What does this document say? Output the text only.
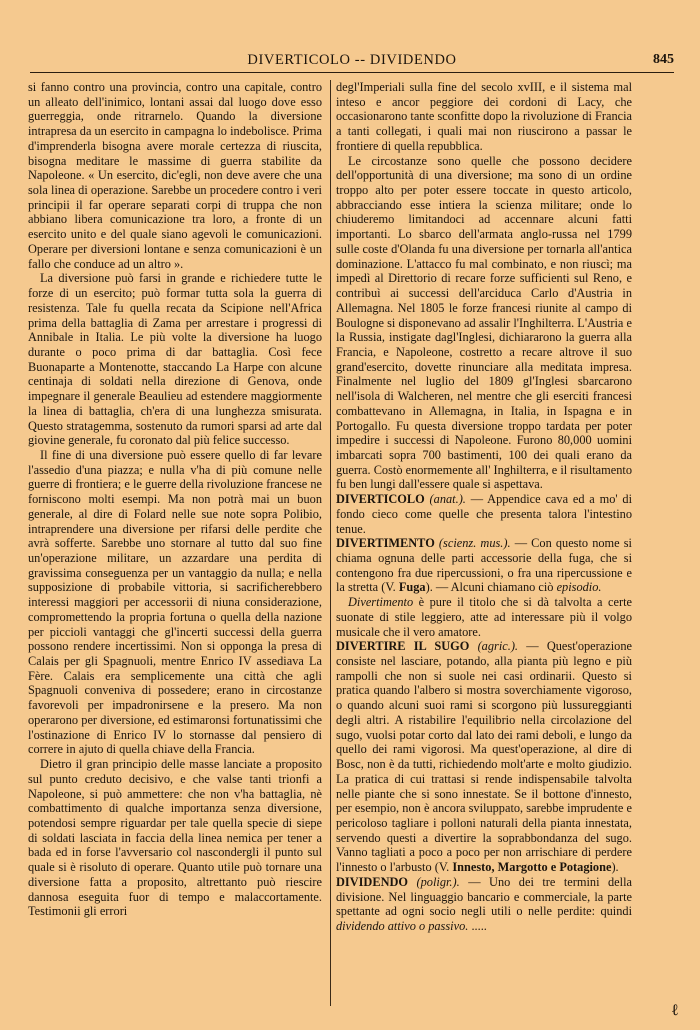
DIVERTICOLO -- DIVIDENDO	845

si fanno contro una provincia, contro una capitale, contro un alleato dell'inimico, lontani assai dal luogo dove esso guerreggia, onde ritrarnelo. Quando la diversione intrapresa da un esercito in campagna lo indebolisce. Prima d'imprenderla bisogna avere morale certezza di riuscita, bisogna meditare le massime di guerra stabilite da Napoleone. « Un esercito, dic'egli, non deve avere che una sola linea di operazione. Sarebbe un procedere contro i veri principii il far operare separati corpi di truppa che non abbiano libera comunicazione tra loro, a fronte di un esercito unito e del quale siano agevoli le comunicazioni. Operare per diversioni lontane e senza comunicazioni è un fallo che conduce ad un altro ».

La diversione può farsi in grande e richiedere tutte le forze di un esercito; può formar tutta sola la guerra di resistenza. Tale fu quella recata da Scipione nell'Africa prima della battaglia di Zama per arrestare i progressi di Annibale in Italia. Le più volte la diversione ha luogo durante o poco prima di dar battaglia. Così fece Buonaparte a Montenotte, staccando La Harpe con alcune centinaja di soldati nella direzione di Genova, onde impegnare il generale Beaulieu ad estendere maggiormente la linea di battaglia, ch'era di una lunghezza smisurata. Questo stratagemma, sostenuto da rumori sparsi ad arte dal giovine generale, fu coronato dal più felice successo.

Il fine di una diversione può essere quello di far levare l'assedio d'una piazza; e nulla v'ha di più comune nelle guerre di frontiera; e le guerre della rivoluzione francese ne forniscono molti esempi. Ma non potrà mai un buon generale, al dire di Folard nelle sue note sopra Polibio, intraprendere una diversione per rifarsi delle perdite che avrà sofferte. Sarebbe uno stornare al tutto dal suo fine un'operazione militare, un azzardare una perdita di gravissima conseguenza per un vantaggio da nulla; e nella supposizione di probabile vittoria, si sacrificherebbero interessi maggiori per accessorii di niuna considerazione, compromettendo la propria fortuna o quella della nazione per piccioli vantaggi che gl'incerti successi della guerra possono rendere incertissimi. Non si opponga la presa di Calais per gli Spagnuoli, mentre Enrico IV assediava La Fère. Calais era semplicemente una città che agli Spagnuoli conveniva di possedere; erano in circostanze favorevoli per impadronirsene e la presero. Ma non operarono per diversione, ed estimaronsi fortunatissimi che l'ostinazione di Enrico IV lo stornasse dal pensiero di correre in ajuto di quella chiave della Francia.

Dietro il gran principio delle masse lanciate a proposito sul punto creduto decisivo, e che valse tanti trionfi a Napoleone, si può ammettere: che non v'ha battaglia, nè combattimento di qualche importanza senza diversione, potendosi sempre riguardar per tale quella specie di siepe di soldati lasciata in faccia della linea nemica per tener a bada ed in forse l'avversario col nascondergli il punto sul quale si è risoluto di operare. Quanto utile può tornare una diversione fatta a proposito, altrettanto può riescire dannosa eseguita fuor di tempo e malaccortamente. Testimonii gli errori

degl'Imperiali sulla fine del secolo xvIII, e il sistema mal inteso e ancor peggiore dei cordoni di Lacy, che occasionarono tante sconfitte dopo la rivoluzione di Francia a tanti collegati, i quali mai non riuscirono a passar le frontiere di quella repubblica.

Le circostanze sono quelle che possono decidere dell'opportunità di una diversione; ma sono di un ordine troppo alto per poter essere toccate in questo articolo, abbracciando esse intiera la scienza militare; onde lo chiuderemo limitandoci ad accennare alcuni fatti importanti. Lo sbarco dell'armata anglo-russa nel 1799 sulle coste d'Olanda fu una diversione per tornarla all'antica dominazione. L'attacco fu mal combinato, e non riuscì; ma impedì al Direttorio di recare forze sufficienti sul Reno, e contribuì ai successi dell'arciduca Carlo d'Austria in Allemagna. Nel 1805 le forze francesi riunite al campo di Boulogne si disponevano ad assalir l'Inghilterra. L'Austria e la Russia, instigate dagl'Inglesi, dichiararono la guerra alla Francia, e Napoleone, costretto a recare altrove il suo grand'esercito, dovette rinunciare alla meditata impresa. Finalmente nel luglio del 1809 gl'Inglesi sbarcarono nell'isola di Walcheren, nel mentre che gli eserciti francesi combattevano in Allemagna, in Italia, in Ispagna e in Portogallo. Fu questa diversione troppo tardata per poter impedire i successi di Napoleone. Furono 80,000 uomini imbarcati sopra 700 bastimenti, 100 dei quali erano da guerra. Costò enormemente all' Inghilterra, e il risultamento fu ben lungi dall'essere quale si aspettava.

DIVERTICOLO (anat.). — Appendice cava ed a mo' di fondo cieco come quelle che presenta talora l'intestino tenue.

DIVERTIMENTO (scienz. mus.). — Con questo nome si chiama ognuna delle parti accessorie della fuga, che si contengono fra due ripercussioni, o fra una ripercussione e la stretta (V. Fuga). — Alcuni chiamano ciò episodio.

Divertimento è pure il titolo che si dà talvolta a certe suonate di stile leggiero, atte ad interessare più il volgo musicale che il vero amatore.

DIVERTIRE IL SUGO (agric.). — Quest'operazione consiste nel lasciare, potando, alla pianta più legno e più rampolli che non si suole nei casi ordinarii. Questo si pratica quando l'albero si mostra soverchiamente vigoroso, o quando alcuni suoi rami si scorgono più lussureggianti degli altri. A ristabilire l'equilibrio nella circolazione del sugo, vuolsi potar corto dal lato dei rami deboli, e lungo da quello dei rami vigorosi. Ma quest'operazione, al dire di Bosc, non è da tutti, richiedendo molt'arte e molto giudizio. La pratica di cui trattasi si rende indispensabile talvolta nelle piante che si sono innestate. Se il bottone d'innesto, per esempio, non è ancora sviluppato, sarebbe imprudente e pericoloso tagliare i polloni naturali della pianta innestata, servendo questi a divertire la soprabbondanza del sugo. Vanno tagliati a poco a poco per non arrischiare di perdere l'innesto o l'arbusto (V. Innesto, Margotto e Potagione).

DIVIDENDO (poligr.). — Uno dei tre termini della divisione. Nel linguaggio bancario e commerciale, la parte spettante ad ogni socio negli utili o nelle perdite: quindi dividendo attivo o passivo. .....

ℓ
